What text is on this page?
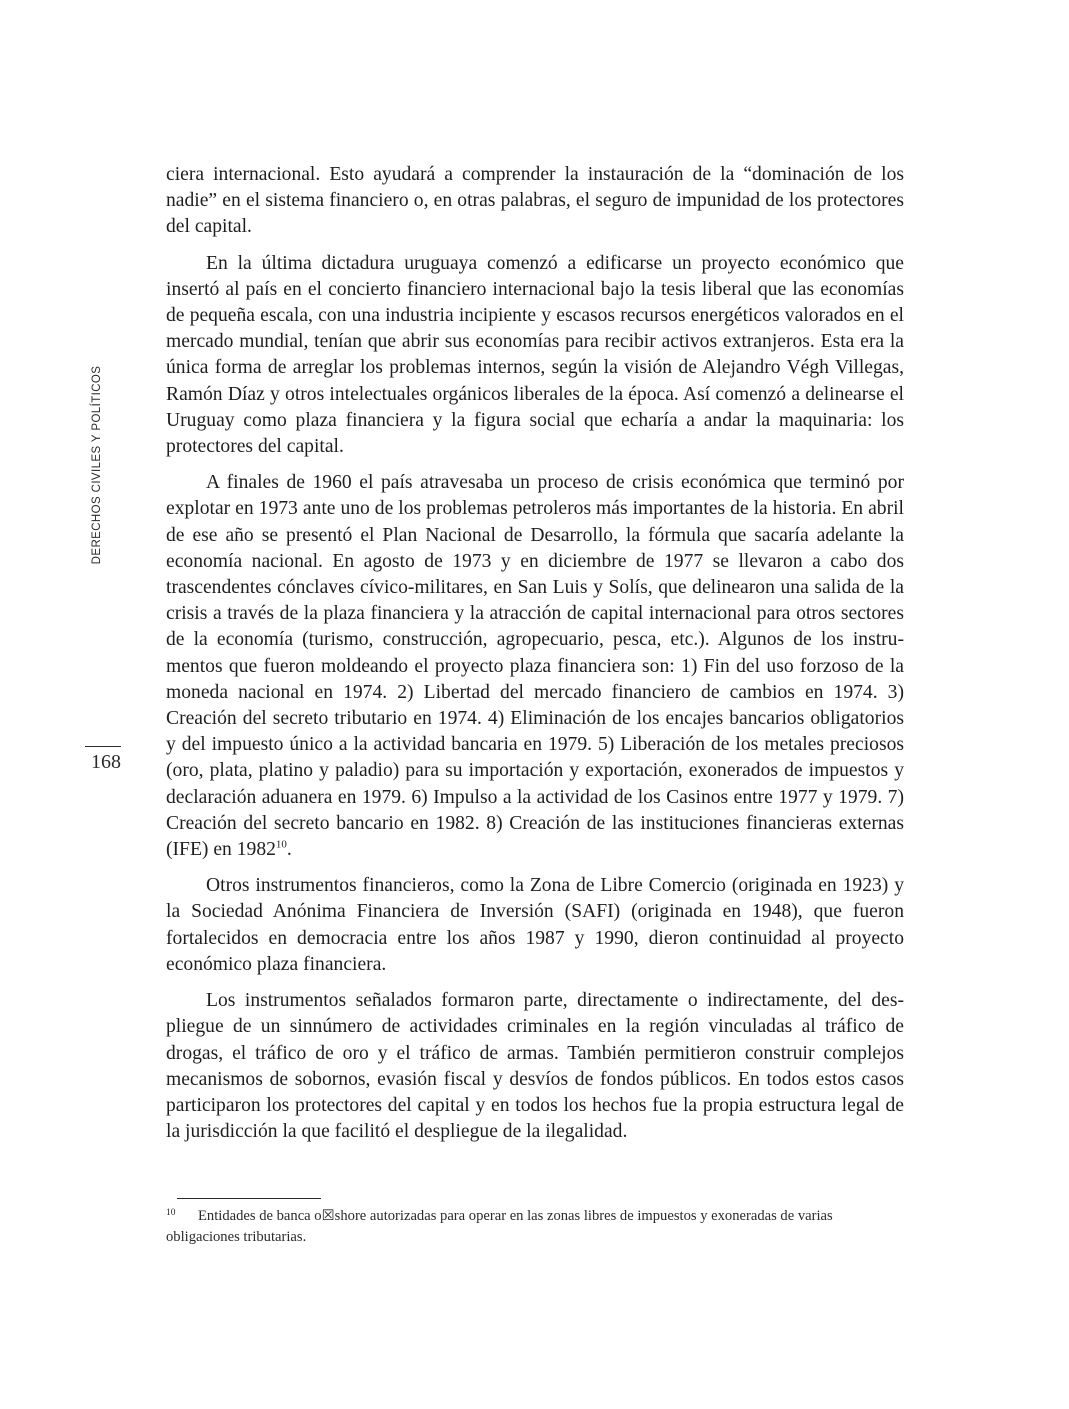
DERECHOS CIVILES Y POLÍTICOS
168

ciera internacional. Esto ayudará a comprender la instauración de la “dominación de los nadie” en el sistema financiero o, en otras palabras, el seguro de impunidad de los protectores del capital.

En la última dictadura uruguaya comenzó a edificarse un proyecto económico que insertó al país en el concierto financiero internacional bajo la tesis liberal que las economías de pequeña escala, con una industria incipiente y escasos recursos energéticos valorados en el mercado mundial, tenían que abrir sus economías para recibir activos extranjeros. Esta era la única forma de arreglar los problemas internos, según la visión de Alejandro Végh Villegas, Ramón Díaz y otros intelectuales orgánicos liberales de la época. Así comenzó a delinearse el Uruguay como plaza financiera y la figura social que echaría a andar la maquinaria: los protectores del capital.

A finales de 1960 el país atravesaba un proceso de crisis económica que terminó por explotar en 1973 ante uno de los problemas petroleros más importantes de la historia. En abril de ese año se presentó el Plan Nacional de Desarrollo, la fórmula que sacaría adelante la economía nacional. En agosto de 1973 y en diciembre de 1977 se llevaron a cabo dos trascendentes cónclaves cívico-militares, en San Luis y Solís, que delinearon una salida de la crisis a través de la plaza financiera y la atracción de capital internacional para otros sectores de la economía (turismo, construcción, agropecuario, pesca, etc.). Algunos de los instrumentos que fueron moldeando el proyecto plaza financiera son: 1) Fin del uso forzoso de la moneda nacional en 1974. 2) Libertad del mercado financiero de cambios en 1974. 3) Creación del secreto tributario en 1974. 4) Eliminación de los encajes bancarios obligatorios y del impuesto único a la actividad bancaria en 1979. 5) Liberación de los metales preciosos (oro, plata, platino y paladio) para su importación y exportación, exonerados de impuestos y declaración aduanera en 1979. 6) Impulso a la actividad de los Casinos entre 1977 y 1979. 7) Creación del secreto bancario en 1982. 8) Creación de las instituciones financieras externas (IFE) en 1982$^{10}$.

Otros instrumentos financieros, como la Zona de Libre Comercio (originada en 1923) y la Sociedad Anónima Financiera de Inversión (SAFI) (originada en 1948), que fueron fortalecidos en democracia entre los años 1987 y 1990, dieron continuidad al proyecto económico plaza financiera.

Los instrumentos señalados formaron parte, directamente o indirectamente, del despliegue de un sinnúmero de actividades criminales en la región vinculadas al tráfico de drogas, el tráfico de oro y el tráfico de armas. También permitieron construir complejos mecanismos de sobornos, evasión fiscal y desvíos de fondos públicos. En todos estos casos participaron los protectores del capital y en todos los hechos fue la propia estructura legal de la jurisdicción la que facilitó el despliegue de la ilegalidad.

10 Entidades de banca o☒shore autorizadas para operar en las zonas libres de impuestos y exoneradas de varias obligaciones tributarias.
